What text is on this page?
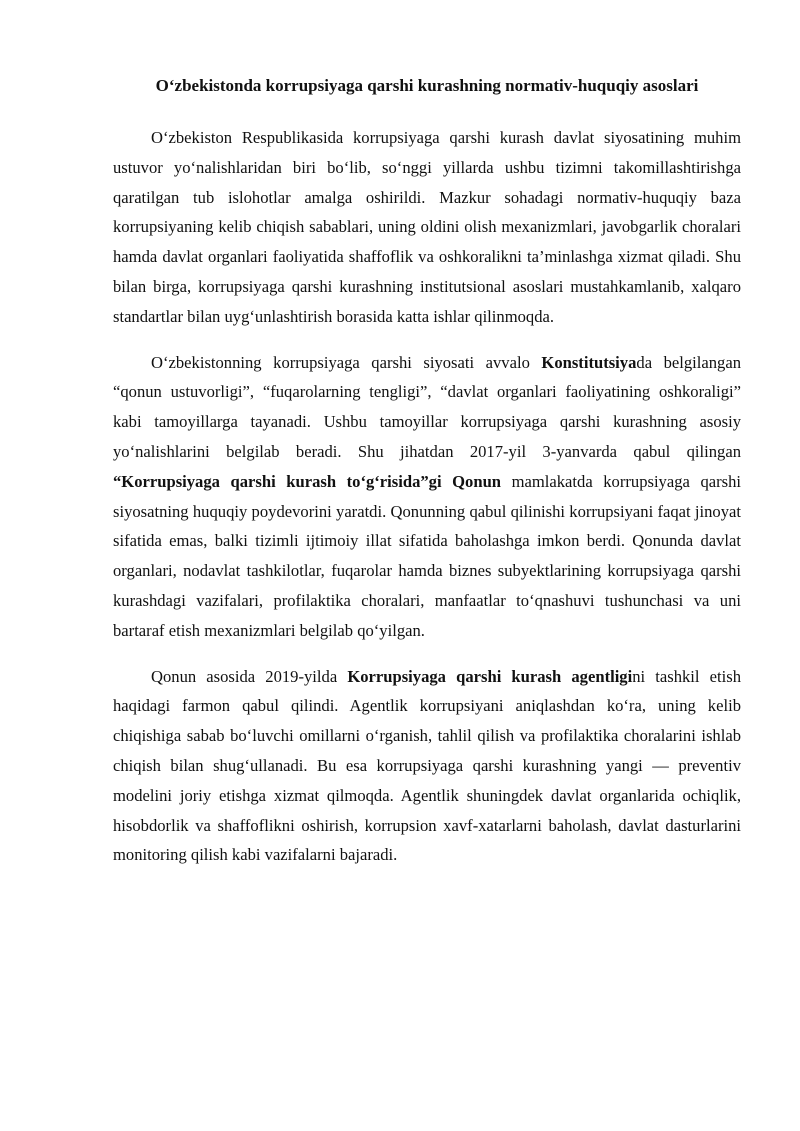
O‘zbekistonda korrupsiyaga qarshi kurashning normativ-huquqiy asoslari

O‘zbekiston Respublikasida korrupsiyaga qarshi kurash davlat siyosatining muhim ustuvor yo‘nalishlaridan biri bo‘lib, so‘nggi yillarda ushbu tizimni takomillashtirishga qaratilgan tub islohotlar amalga oshirildi. Mazkur sohadagi normativ-huquqiy baza korrupsiyaning kelib chiqish sabablari, uning oldini olish mexanizmlari, javobgarlik choralari hamda davlat organlari faoliyatida shaffoflik va oshkoralikni ta’minlashga xizmat qiladi. Shu bilan birga, korrupsiyaga qarshi kurashning institutsional asoslari mustahkamlanib, xalqaro standartlar bilan uyg‘unlashtirish borasida katta ishlar qilinmoqda.

O‘zbekistonning korrupsiyaga qarshi siyosati avvalo Konstitutsiyada belgilangan “qonun ustuvorligi”, “fuqarolarning tengligi”, “davlat organlari faoliyatining oshkoraligi” kabi tamoyillarga tayanadi. Ushbu tamoyillar korrupsiyaga qarshi kurashning asosiy yo‘nalishlarini belgilab beradi. Shu jihatdan 2017-yil 3-yanvarda qabul qilingan “Korrupsiyaga qarshi kurash to‘g‘risida”gi Qonun mamlakatda korrupsiyaga qarshi siyosatning huquqiy poydevorini yaratdi. Qonunning qabul qilinishi korrupsiyani faqat jinoyat sifatida emas, balki tizimli ijtimoiy illat sifatida baholashga imkon berdi. Qonunda davlat organlari, nodavlat tashkilotlar, fuqarolar hamda biznes subyektlarining korrupsiyaga qarshi kurashdagi vazifalari, profilaktika choralari, manfaatlar to‘qnashuvi tushunchasi va uni bartaraf etish mexanizmlari belgilab qo‘yilgan.

Qonun asosida 2019-yilda Korrupsiyaga qarshi kurash agentligini tashkil etish haqidagi farmon qabul qilindi. Agentlik korrupsiyani aniqlashdan ko‘ra, uning kelib chiqishiga sabab bo‘luvchi omillarni o‘rganish, tahlil qilish va profilaktika choralarini ishlab chiqish bilan shug‘ullanadi. Bu esa korrupsiyaga qarshi kurashning yangi — preventiv modelini joriy etishga xizmat qilmoqda. Agentlik shuningdek davlat organlarida ochiqlik, hisobdorlik va shaffoflikni oshirish, korrupsion xavf-xatarlarni baholash, davlat dasturlarini monitoring qilish kabi vazifalarni bajaradi.
